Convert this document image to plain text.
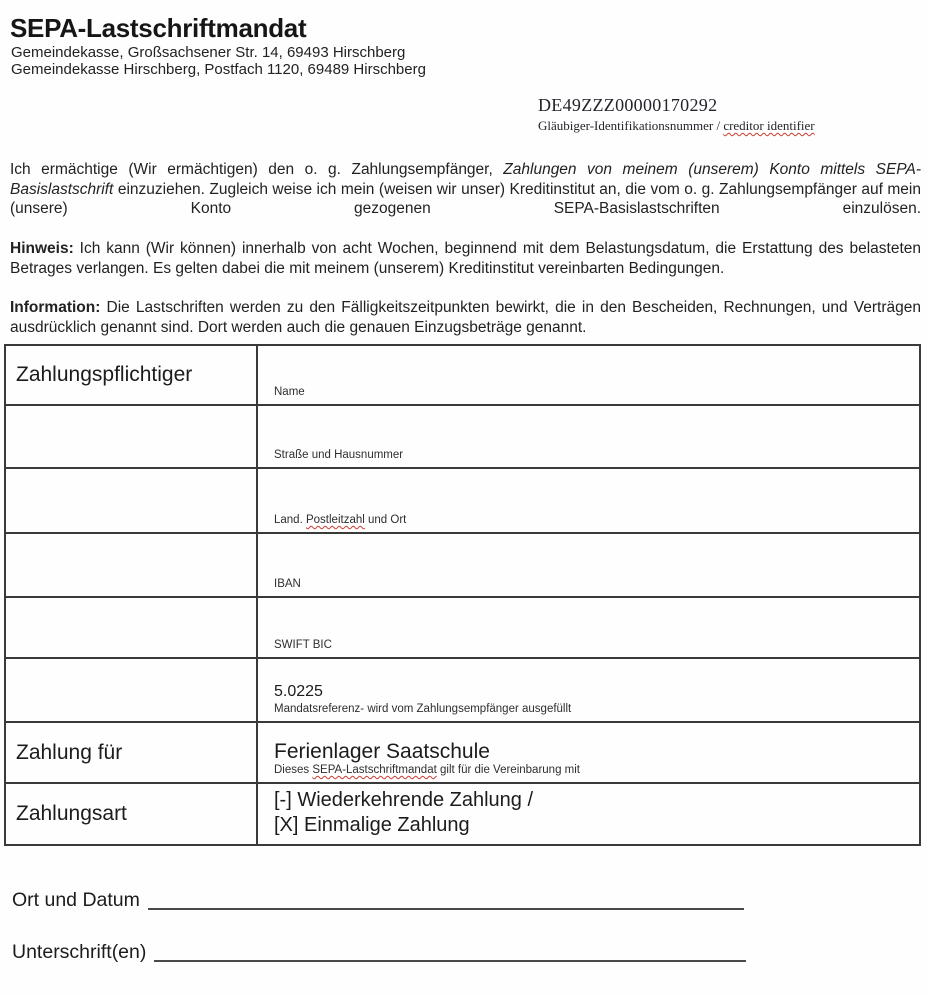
SEPA-Lastschriftmandat
Gemeindekasse, Großsachsener Str. 14, 69493 Hirschberg
Gemeindekasse Hirschberg, Postfach 1120, 69489 Hirschberg
DE49ZZZ00000170292
Gläubiger-Identifikationsnummer / creditor identifier

Ich ermächtige (Wir ermächtigen) den o. g. Zahlungsempfänger, Zahlungen von meinem (unserem) Konto mittels SEPA-Basislastschrift einzuziehen. Zugleich weise ich mein (weisen wir unser) Kreditinstitut an, die vom o. g. Zahlungsempfänger auf mein (unsere) Konto gezogenen SEPA-Basislastschriften einzulösen.

Hinweis: Ich kann (Wir können) innerhalb von acht Wochen, beginnend mit dem Belastungsdatum, die Erstattung des belasteten Betrages verlangen. Es gelten dabei die mit meinem (unserem) Kreditinstitut vereinbarten Bedingungen.

Information: Die Lastschriften werden zu den Fälligkeitszeitpunkten bewirkt, die in den Bescheiden, Rechnungen, und Verträgen ausdrücklich genannt sind. Dort werden auch die genauen Einzugsbeträge genannt.

Zahlungspflichtiger
Name
Straße und Hausnummer
Land. Postleitzahl und Ort
IBAN
SWIFT BIC
5.0225
Mandatsreferenz- wird vom Zahlungsempfänger ausgefüllt
Zahlung für	Ferienlager Saatschule
Dieses SEPA-Lastschriftmandat gilt für die Vereinbarung mit
Zahlungsart
[-] Wiederkehrende Zahlung /
[X] Einmalige Zahlung
Ort und Datum
Unterschrift(en)
